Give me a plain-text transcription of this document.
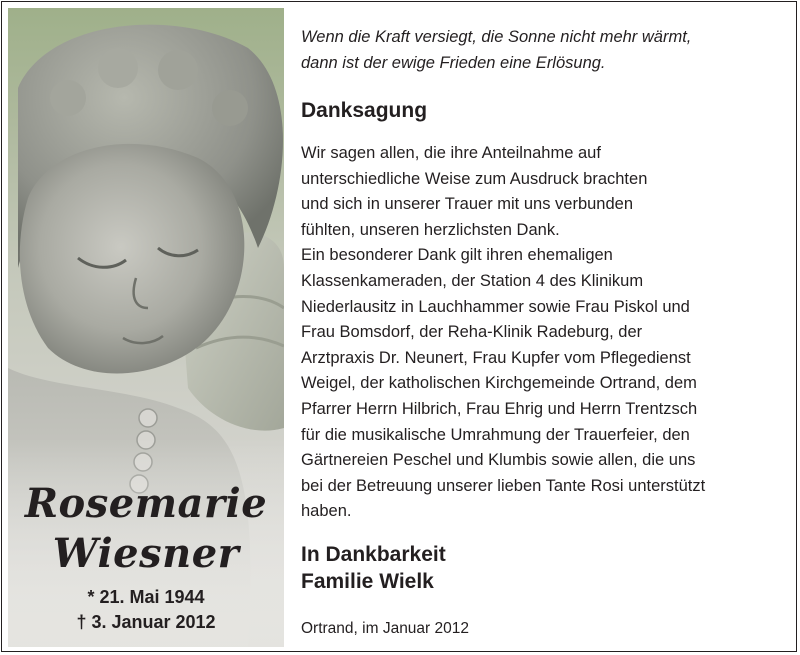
Rosemarie
Wiesner
* 21. Mai 1944
† 3. Januar 2012
Wenn die Kraft versiegt, die Sonne nicht mehr wärmt,
dann ist der ewige Frieden eine Erlösung.
Danksagung
Wir sagen allen, die ihre Anteilnahme auf
unterschiedliche Weise zum Ausdruck brachten
und sich in unserer Trauer mit uns verbunden
fühlten, unseren herzlichsten Dank.
Ein besonderer Dank gilt ihren ehemaligen
Klassenkameraden, der Station 4 des Klinikum
Niederlausitz in Lauchhammer sowie Frau Piskol und
Frau Bomsdorf, der Reha-Klinik Radeburg, der
Arztpraxis Dr. Neunert, Frau Kupfer vom Pflegedienst
Weigel, der katholischen Kirchgemeinde Ortrand, dem
Pfarrer Herrn Hilbrich, Frau Ehrig und Herrn Trentzsch
für die musikalische Umrahmung der Trauerfeier, den
Gärtnereien Peschel und Klumbis sowie allen, die uns
bei der Betreuung unserer lieben Tante Rosi unterstützt
haben.
In Dankbarkeit
Familie Wielk
Ortrand, im Januar 2012
